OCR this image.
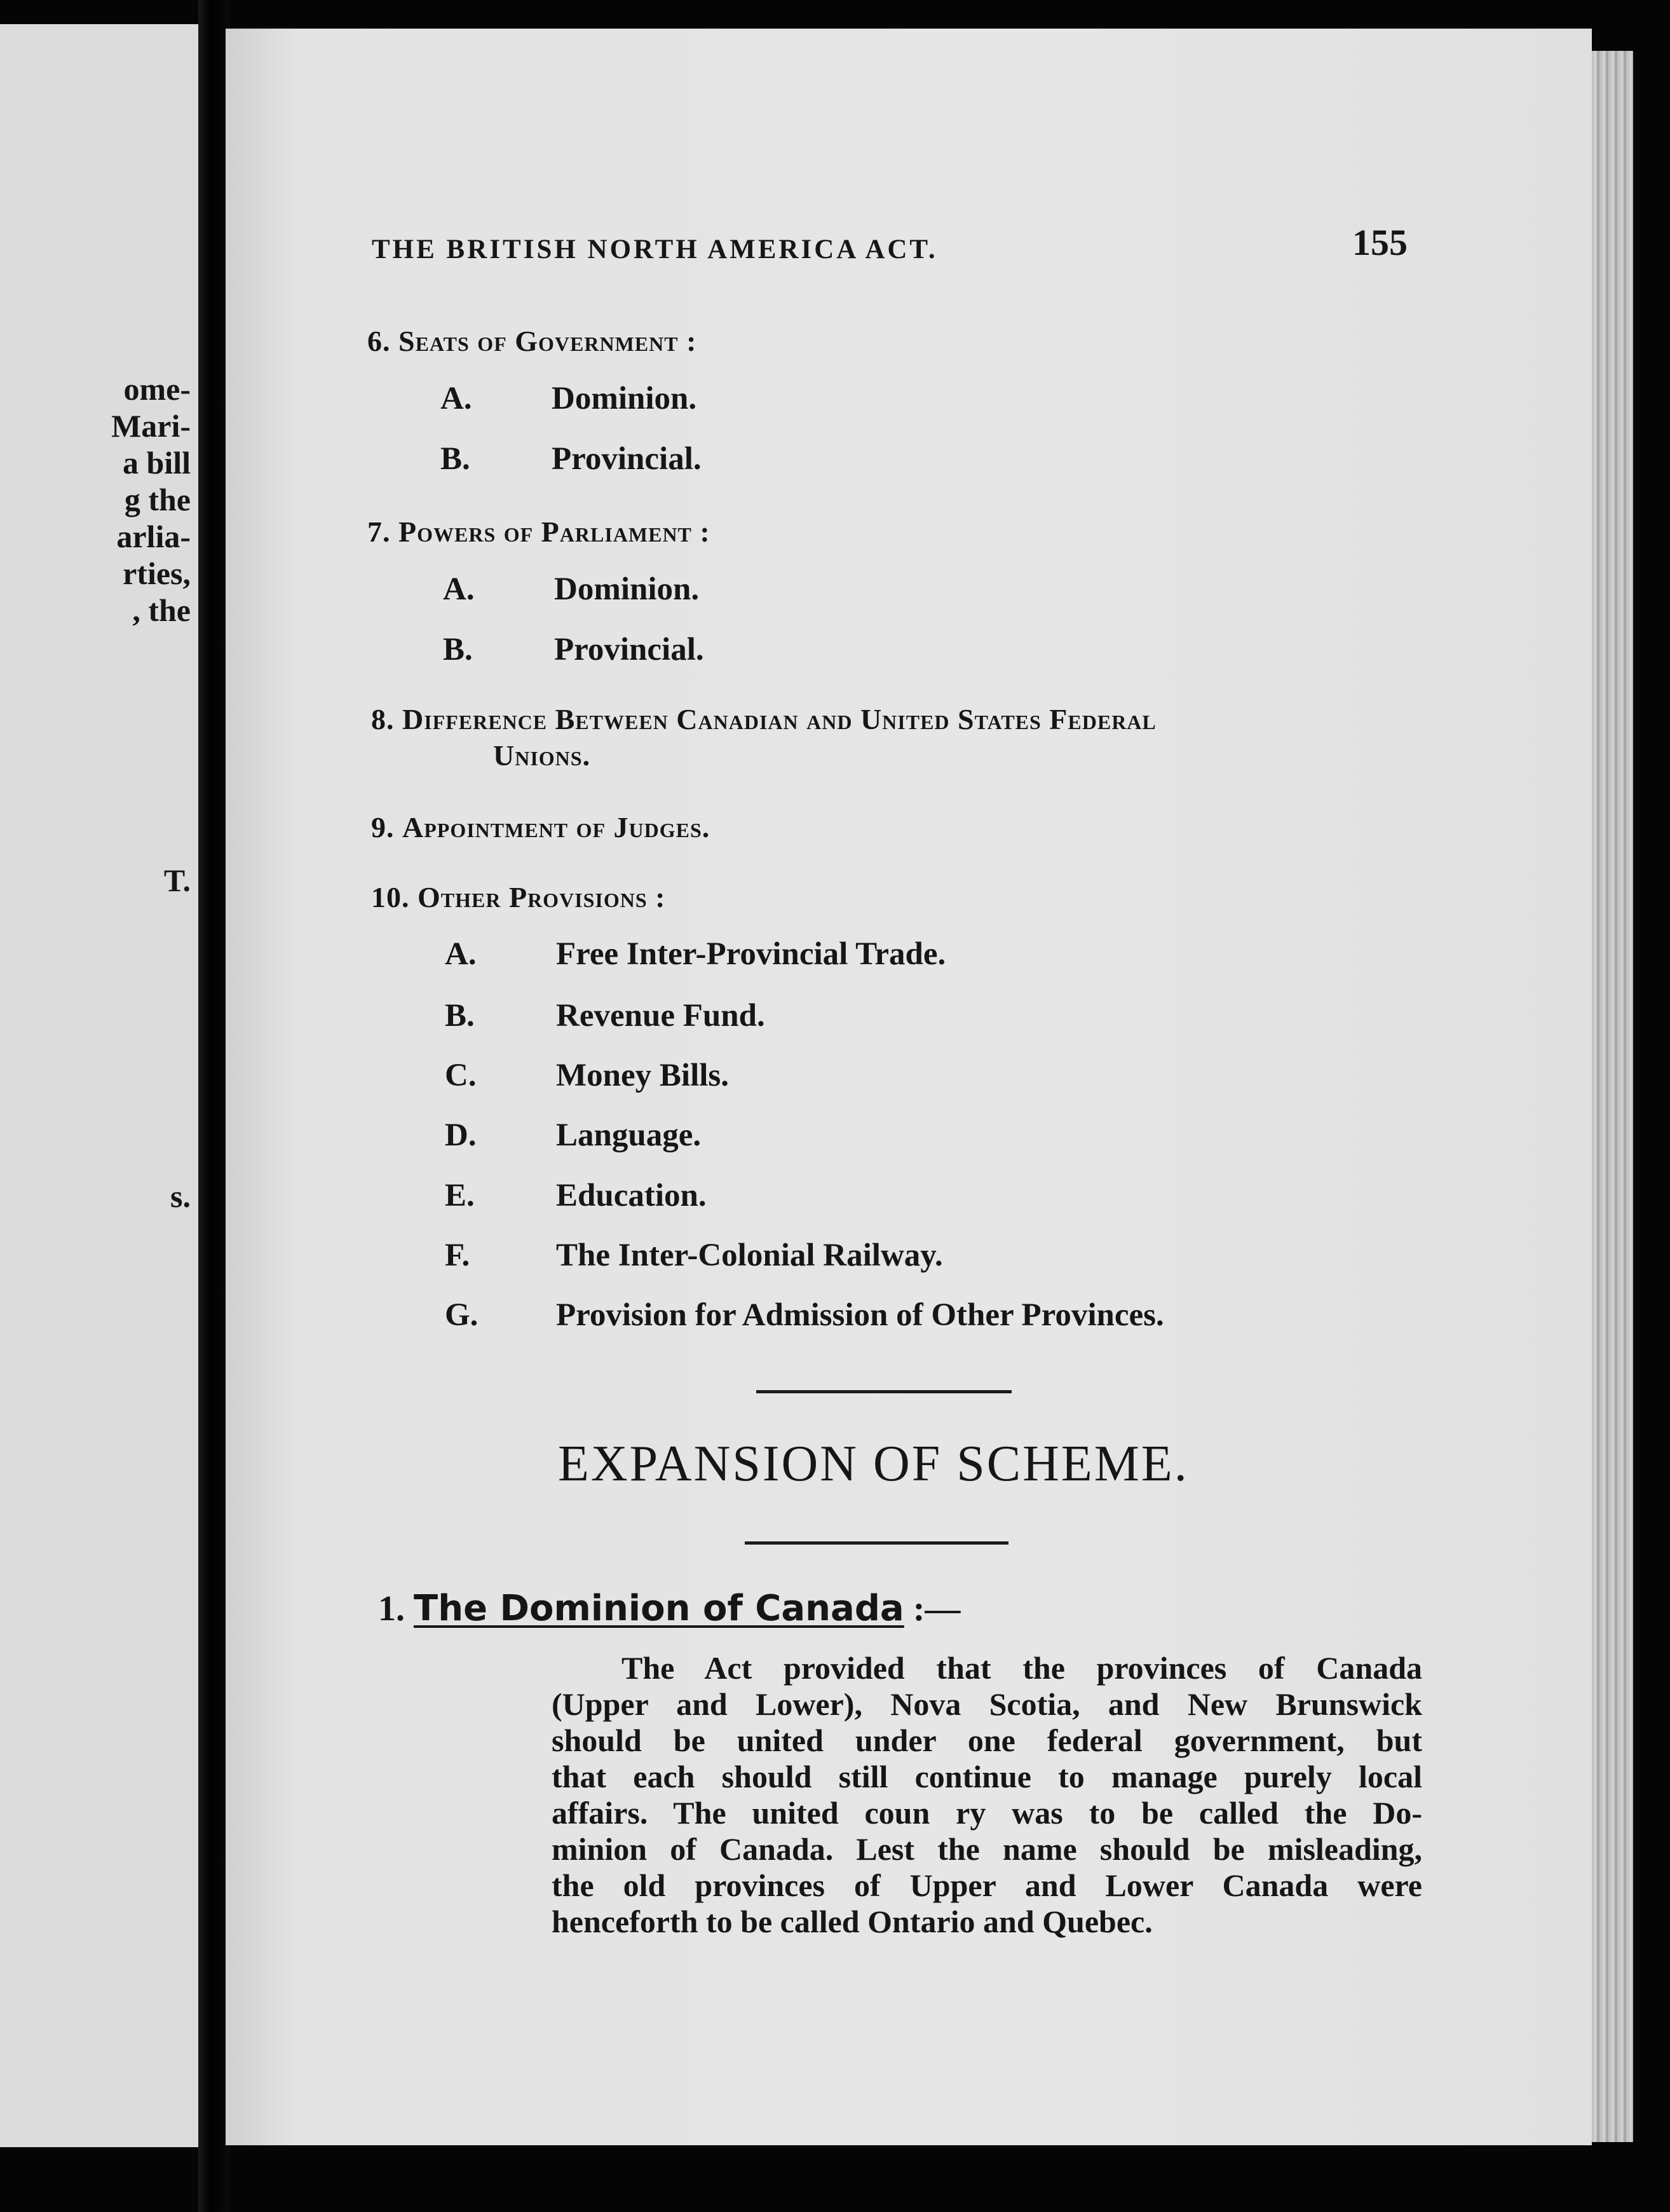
ome-
Mari-
a bill
g the
arlia-
rties,
, the
T.
s.
THE BRITISH NORTH AMERICA ACT.	155
6. Seats of Government :
A. Dominion.
B.	Provincial.
7. Powers of Parliament :
A. Dominion.
B.	Provincial.
8. Difference Between Canadian and United States Federal
Unions.
9. Appointment of Judges.
10. Other Provisions :
A. Free Inter-Provincial Trade.
B.	Revenue Fund.
C. Money Bills.
D. Language.
E.	Education.
F.	The Inter-Colonial Railway.
G. Provision for Admission of Other Provinces.
EXPANSION OF SCHEME.
1. The Dominion of Canada :—
The Act provided that the provinces of Canada
(Upper and Lower), Nova Scotia, and New Brunswick
should be united under one federal government, but
that each should still continue to manage purely local
affairs. The united coun ry was to be called the Do-
minion of Canada. Lest the name should be misleading,
the old provinces of Upper and Lower Canada were
henceforth to be called Ontario and Quebec.
